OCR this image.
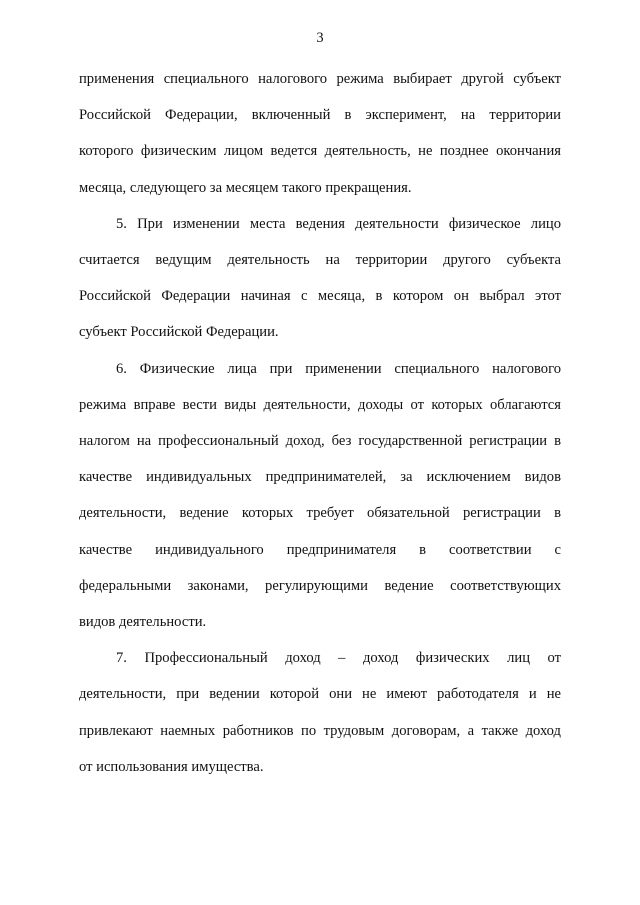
3

применения специального налогового режима выбирает другой субъект

Российской Федерации, включенный в эксперимент, на территории

которого физическим лицом ведется деятельность, не позднее окончания

месяца, следующего за месяцем такого прекращения.

5. При изменении места ведения деятельности физическое лицо

считается ведущим деятельность на территории другого субъекта

Российской Федерации начиная с месяца, в котором он выбрал этот

субъект Российской Федерации.

6. Физические лица при применении специального налогового

режима вправе вести виды деятельности, доходы от которых облагаются

налогом на профессиональный доход, без государственной регистрации в

качестве индивидуальных предпринимателей, за исключением видов

деятельности, ведение которых требует обязательной регистрации в

качестве индивидуального предпринимателя в соответствии с

федеральными законами, регулирующими ведение соответствующих

видов деятельности.

7. Профессиональный доход – доход физических лиц от

деятельности, при ведении которой они не имеют работодателя и не

привлекают наемных работников по трудовым договорам, а также доход

от использования имущества.
